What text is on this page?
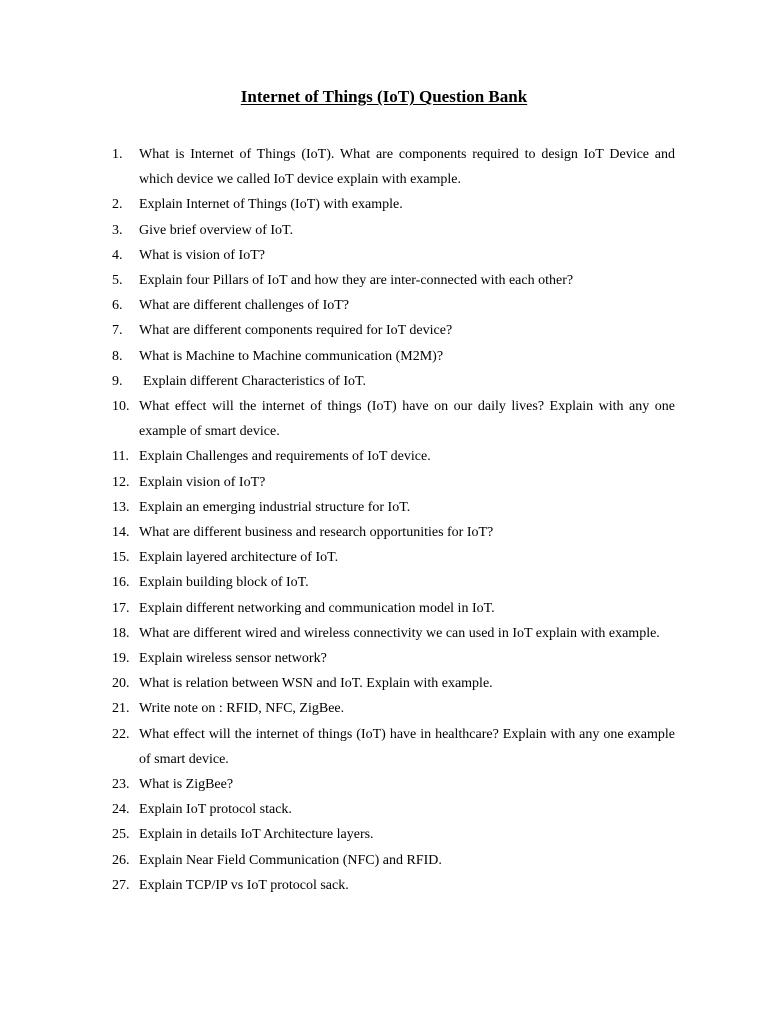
Internet of Things (IoT) Question Bank
1. What is Internet of Things (IoT). What are components required to design IoT Device and which device we called IoT device explain with example.
2. Explain Internet of Things (IoT) with example.
3. Give brief overview of IoT.
4. What is vision of IoT?
5. Explain four Pillars of IoT and how they are inter-connected with each other?
6. What are different challenges of IoT?
7. What are different components required for IoT device?
8. What is Machine to Machine communication (M2M)?
9. Explain different Characteristics of IoT.
10. What effect will the internet of things (IoT) have on our daily lives? Explain with any one example of smart device.
11. Explain Challenges and requirements of IoT device.
12. Explain vision of IoT?
13. Explain an emerging industrial structure for IoT.
14. What are different business and research opportunities for IoT?
15. Explain layered architecture of IoT.
16. Explain building block of IoT.
17. Explain different networking and communication model in IoT.
18. What are different wired and wireless connectivity we can used in IoT explain with example.
19. Explain wireless sensor network?
20. What is relation between WSN and IoT. Explain with example.
21. Write note on : RFID, NFC, ZigBee.
22. What effect will the internet of things (IoT) have in healthcare? Explain with any one example of smart device.
23. What is ZigBee?
24. Explain IoT protocol stack.
25. Explain in details IoT Architecture layers.
26. Explain Near Field Communication (NFC) and RFID.
27. Explain TCP/IP vs IoT protocol sack.
